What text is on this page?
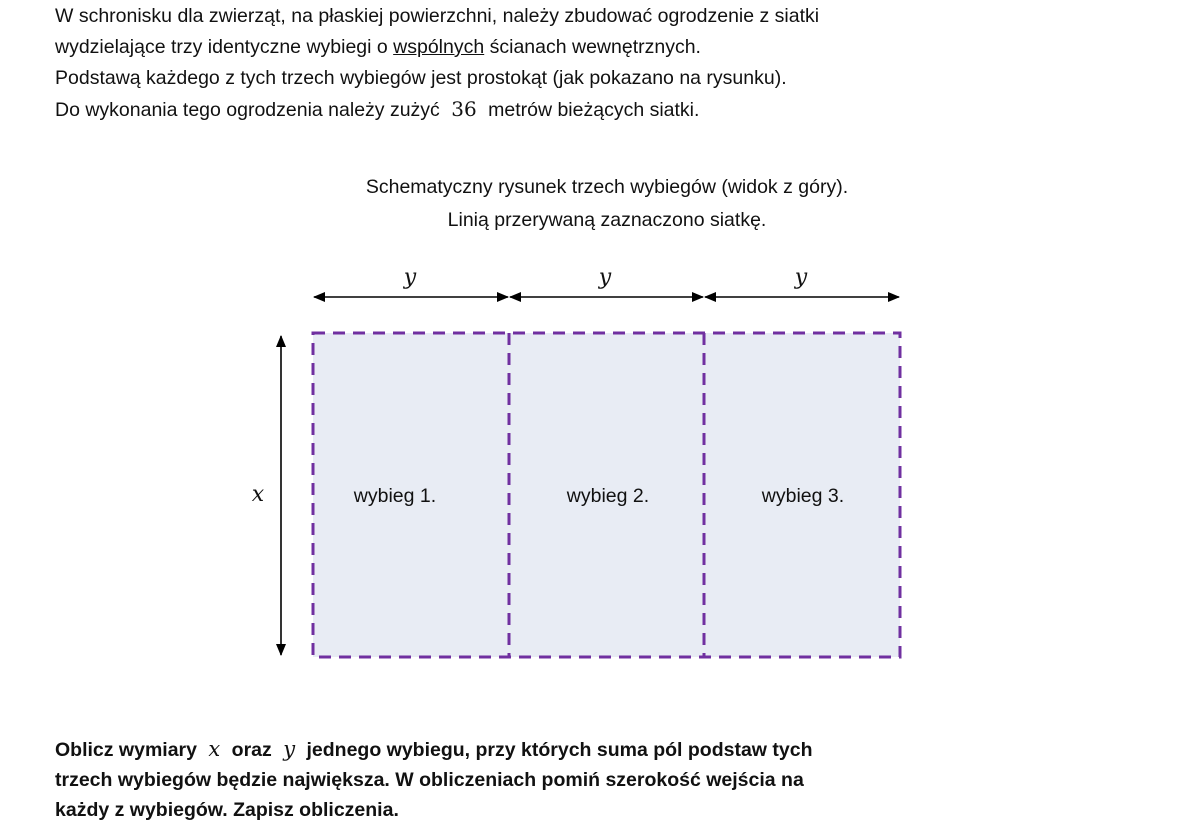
W schronisku dla zwierząt, na płaskiej powierzchni, należy zbudować ogrodzenie z siatki

wydzielające trzy identyczne wybiegi o wspólnych ścianach wewnętrznych.

Podstawą każdego z tych trzech wybiegów jest prostokąt (jak pokazano na rysunku).

Do wykonania tego ogrodzenia należy zużyć 36 metrów bieżących siatki.

Schematyczny rysunek trzech wybiegów (widok z góry).
Linią przerywaną zaznaczono siatkę.
y	y	y
x	wybieg 1.	wybieg 2.	wybieg 3.

Oblicz wymiary x oraz y jednego wybiegu, przy których suma pól podstaw tych

trzech wybiegów będzie największa. W obliczeniach pomiń szerokość wejścia na

każdy z wybiegów. Zapisz obliczenia.
